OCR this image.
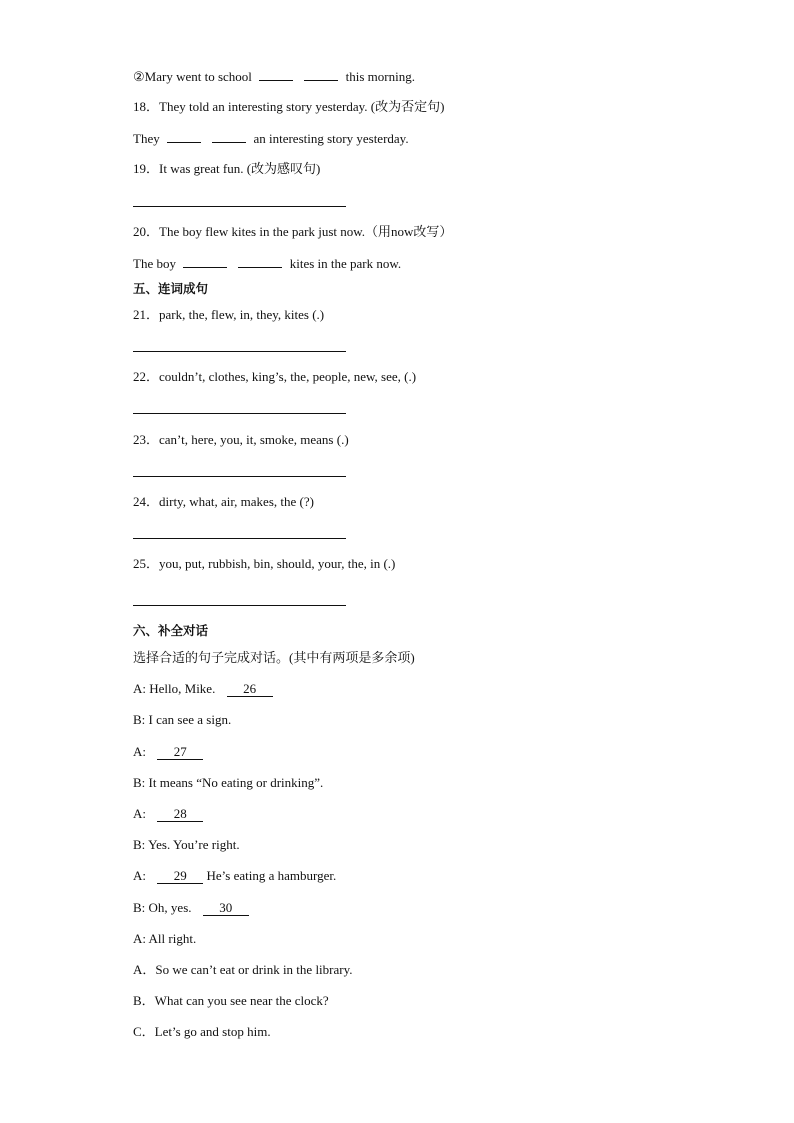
②Mary went to school	this morning.
18．They told an interesting story yesterday. (改为否定句)
They	an interesting story yesterday.
19．It was great fun. (改为感叹句)
20．The boy flew kites in the park just now.（用now改写）
The boy	kites in the park now.
五、连词成句
21．park, the, flew, in, they, kites (.)
22．couldn’t, clothes, king’s, the, people, new, see, (.)
23．can’t, here, you, it, smoke, means (.)
24．dirty, what, air, makes, the (?)
25．you, put, rubbish, bin, should, your, the, in (.)
六、补全对话
选择合适的句子完成对话。(其中有两项是多余项)
A: Hello, Mike. 26
B: I can see a sign.
A: 27
B: It means “No eating or drinking”.
A: 28
B: Yes. You’re right.
A: 29 He’s eating a hamburger.
B: Oh, yes. 30
A: All right.
A．So we can’t eat or drink in the library.
B．What can you see near the clock?
C．Let’s go and stop him.
